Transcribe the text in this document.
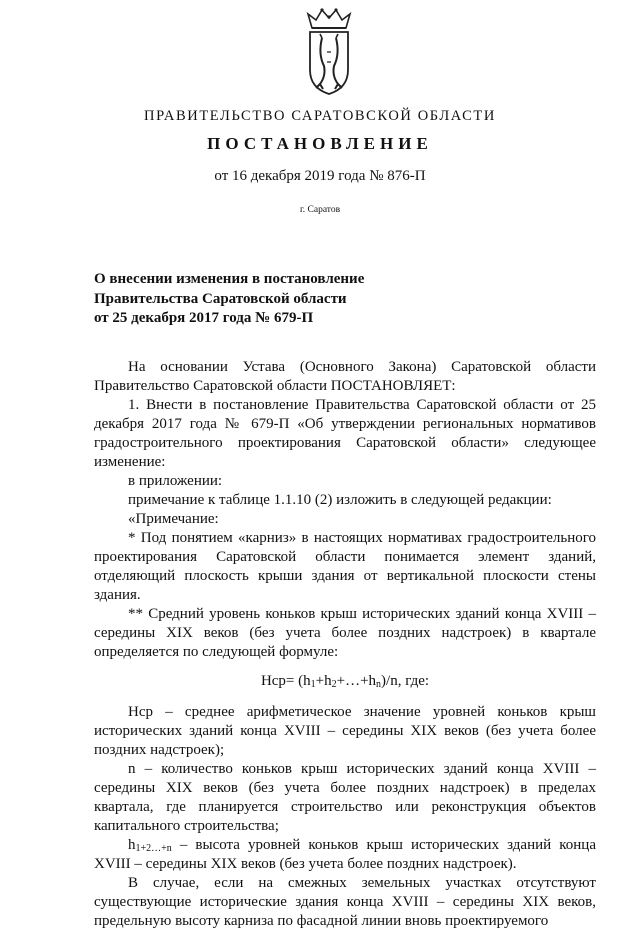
ПРАВИТЕЛЬСТВО САРАТОВСКОЙ ОБЛАСТИ
ПОСТАНОВЛЕНИЕ
от 16 декабря 2019 года № 876-П
г. Саратов
О внесении изменения в постановление
Правительства Саратовской области
от 25 декабря 2017 года № 679-П

На основании Устава (Основного Закона) Саратовской области Правительство Саратовской области ПОСТАНОВЛЯЕТ:

1. Внести в постановление Правительства Саратовской области от 25 декабря 2017 года № 679-П «Об утверждении региональных нормативов градостроительного проектирования Саратовской области» следующее изменение:

в приложении:

примечание к таблице 1.1.10 (2) изложить в следующей редакции:

«Примечание:

* Под понятием «карниз» в настоящих нормативах градостроительного проектирования Саратовской области понимается элемент зданий, отделяющий плоскость крыши здания от вертикальной плоскости стены здания.

** Средний уровень коньков крыш исторических зданий конца XVIII – середины XIX веков (без учета более поздних надстроек) в квартале определяется по следующей формуле:

$Нср= (h_1+h_2+\dots+h_n)/n$, где:

Нср – среднее арифметическое значение уровней коньков крыш исторических зданий конца XVIII – середины XIX веков (без учета более поздних надстроек);

n – количество коньков крыш исторических зданий конца XVIII – середины XIX веков (без учета более поздних надстроек) в пределах квартала, где планируется строительство или реконструкция объектов капитального строительства;

$h_{1+2\dots+n}$ – высота уровней коньков крыш исторических зданий конца XVIII – середины XIX веков (без учета более поздних надстроек).

В случае, если на смежных земельных участках отсутствуют существующие исторические здания конца XVIII – середины XIX веков, предельную высоту карниза по фасадной линии вновь проектируемого
